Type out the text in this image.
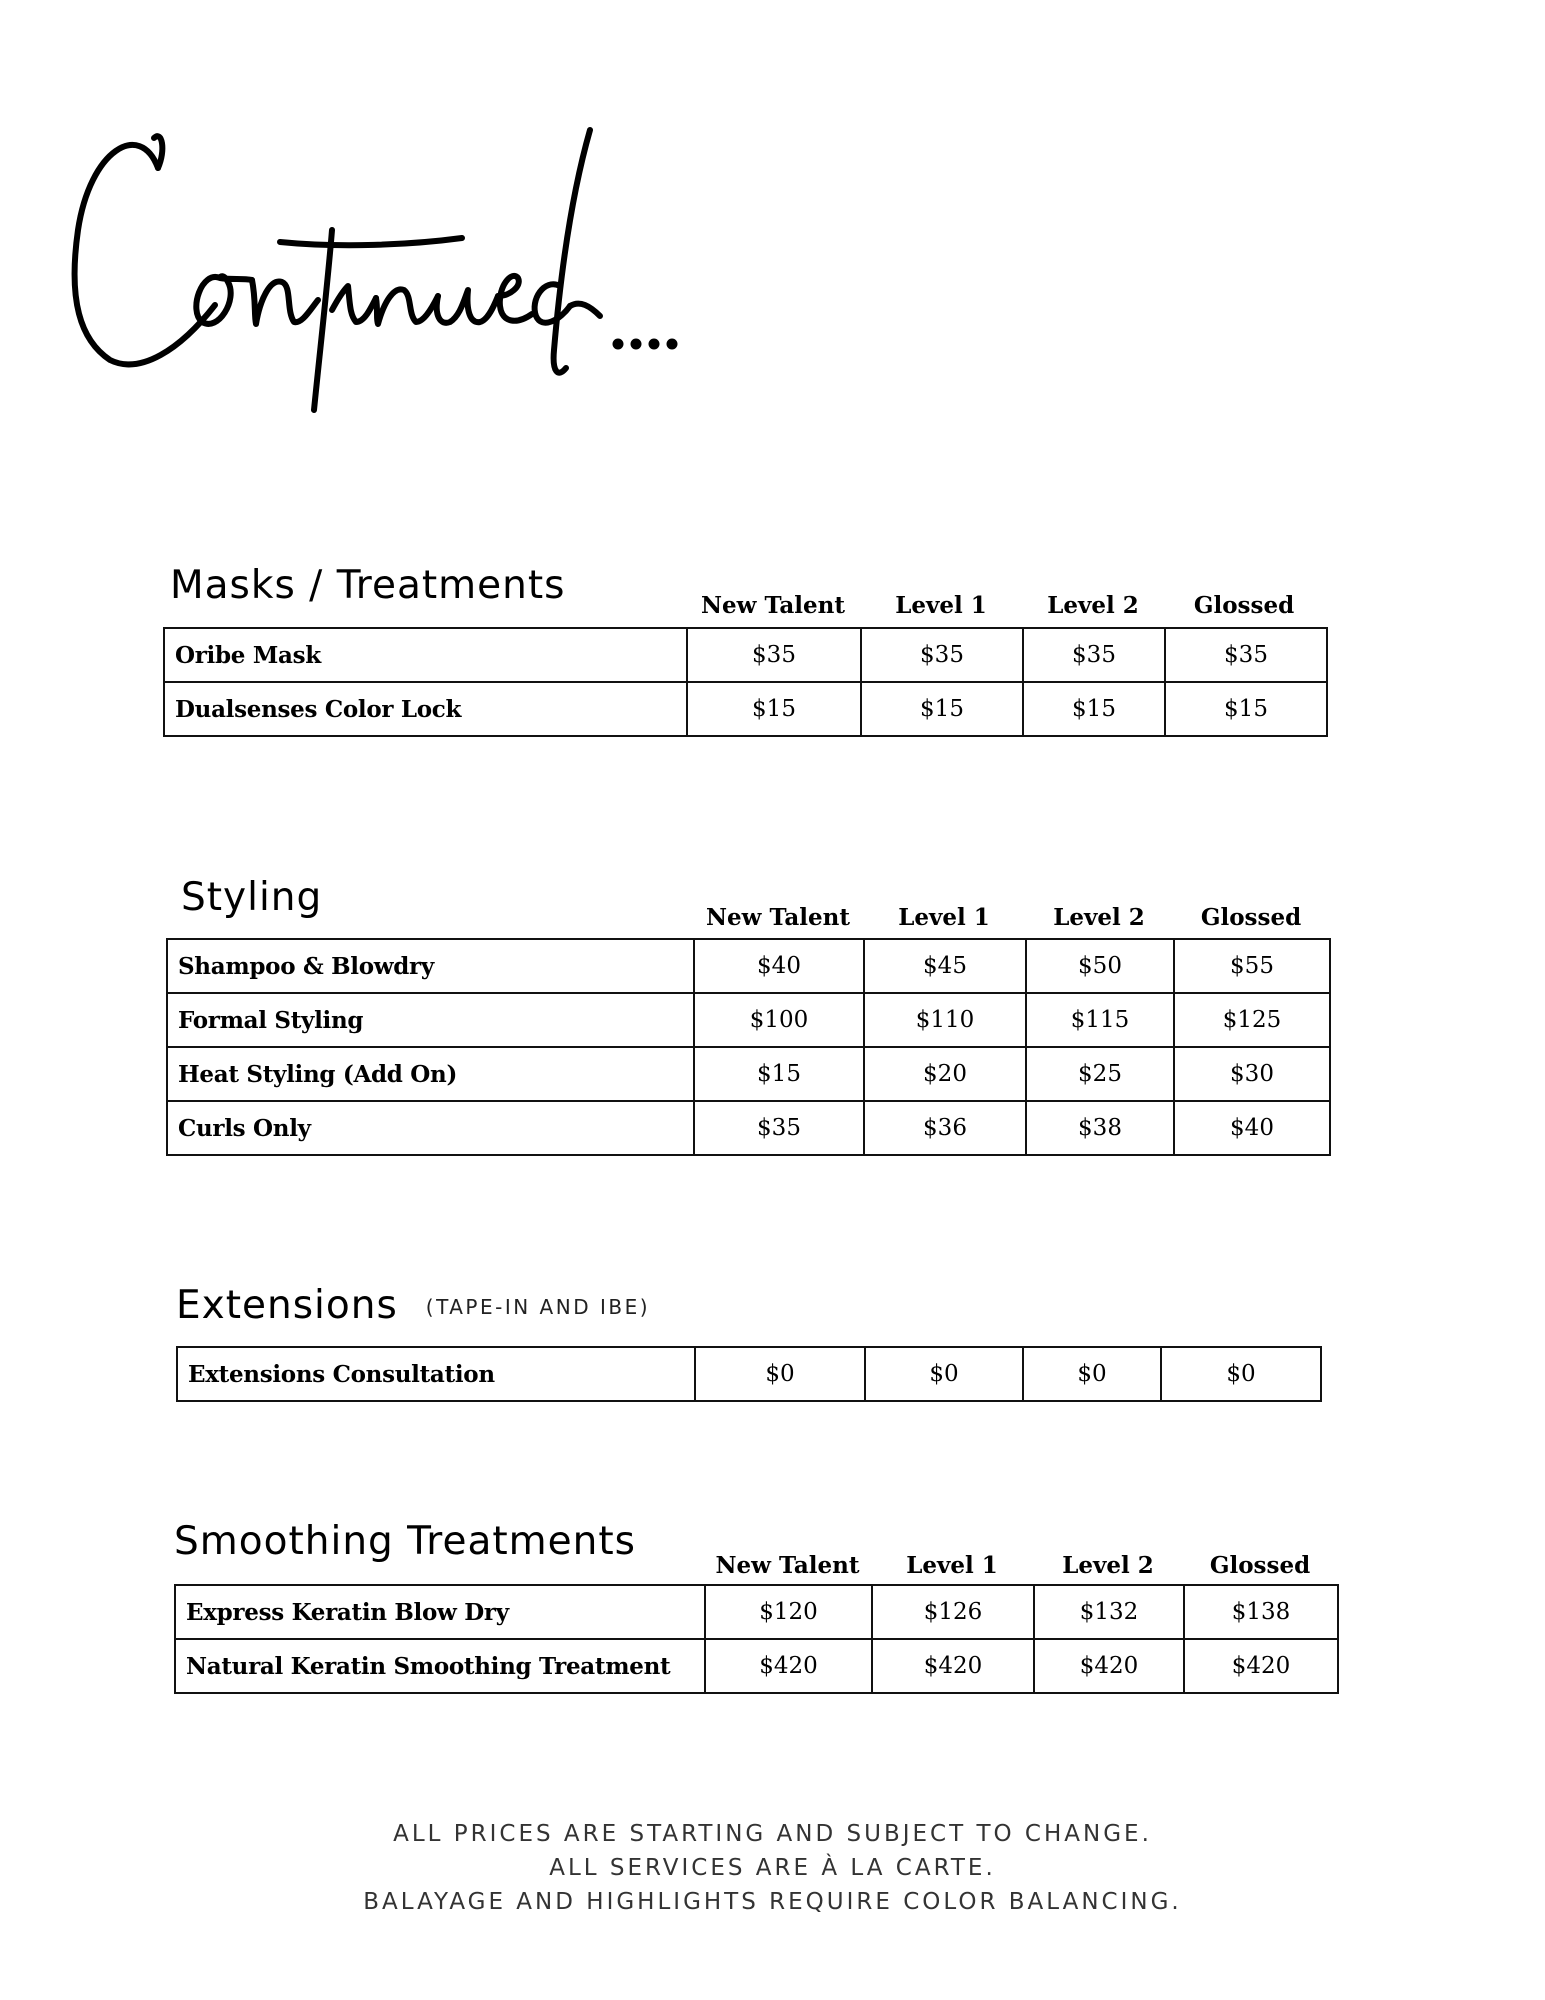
Masks / Treatments	New Talent	Level 1	Level 2	Glossed
Oribe Mask	$35	$35	$35	$35
Dualsenses Color Lock	$15	$15	$15	$15
Styling	New Talent	Level 1	Level 2	Glossed
Shampoo & Blowdry	$40	$45	$50	$55
Formal Styling	$100	$110	$115	$125
Heat Styling (Add On)	$15	$20	$25	$30
Curls Only	$35	$36	$38	$40
Extensions (TAPE-IN AND IBE)
Extensions Consultation	$0	$0	$0	$0
Smoothing Treatments
New Talent	Level 1	Level 2	Glossed
Express Keratin Blow Dry	$120	$126	$132	$138
Natural Keratin Smoothing Treatment	$420	$420	$420	$420
ALL PRICES ARE STARTING AND SUBJECT TO CHANGE.
ALL SERVICES ARE À LA CARTE.
BALAYAGE AND HIGHLIGHTS REQUIRE COLOR BALANCING.
